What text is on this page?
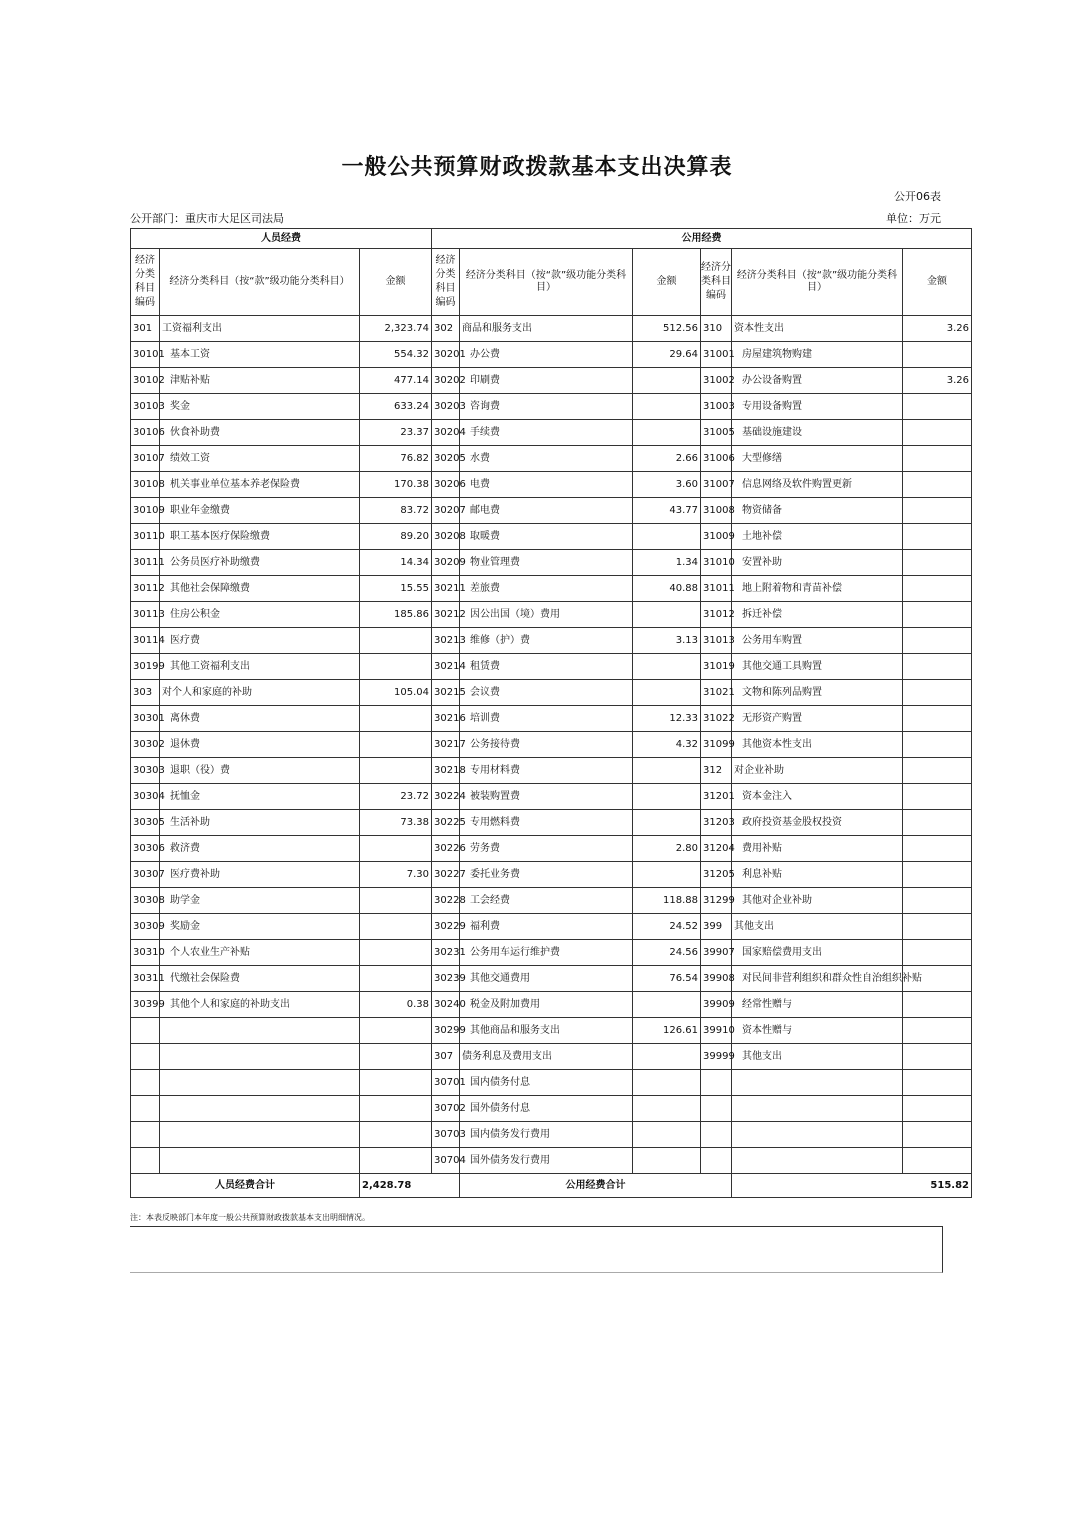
一般公共预算财政拨款基本支出决算表
公开06表
公开部门：重庆市大足区司法局	单位：万元
人员经费			公用经费					
经济分类科目编码	经济分类科目（按“款”级功能分类科目）	金额	经济分类科目编码	经济分类科目（按“款”级功能分类科目）	金额	经济分类科目编码	经济分类科目（按“款”级功能分类科目）	金额
301	工资福利支出	2,323.74	302	商品和服务支出	512.56	310	资本性支出	3.26
30101	基本工资	554.32	30201	办公费	29.64	31001	房屋建筑物购建	
30102	津贴补贴	477.14	30202	印刷费		31002	办公设备购置	3.26
30103	奖金	633.24	30203	咨询费		31003	专用设备购置	
30106	伙食补助费	23.37	30204	手续费		31005	基础设施建设	
30107	绩效工资	76.82	30205	水费	2.66	31006	大型修缮	
30108	机关事业单位基本养老保险费	170.38	30206	电费	3.60	31007	信息网络及软件购置更新	
30109	职业年金缴费	83.72	30207	邮电费	43.77	31008	物资储备	
30110	职工基本医疗保险缴费	89.20	30208	取暖费		31009	土地补偿	
30111	公务员医疗补助缴费	14.34	30209	物业管理费	1.34	31010	安置补助	
30112	其他社会保障缴费	15.55	30211	差旅费	40.88	31011	地上附着物和青苗补偿	
30113	住房公积金	185.86	30212	因公出国（境）费用		31012	拆迁补偿	
30114	医疗费		30213	维修（护）费	3.13	31013	公务用车购置	
30199	其他工资福利支出		30214	租赁费		31019	其他交通工具购置	
303	对个人和家庭的补助	105.04	30215	会议费		31021	文物和陈列品购置	
30301	离休费		30216	培训费	12.33	31022	无形资产购置	
30302	退休费		30217	公务接待费	4.32	31099	其他资本性支出	
30303	退职（役）费		30218	专用材料费		312	对企业补助	
30304	抚恤金	23.72	30224	被装购置费		31201	资本金注入	
30305	生活补助	73.38	30225	专用燃料费		31203	政府投资基金股权投资	
30306	救济费		30226	劳务费	2.80	31204	费用补贴	
30307	医疗费补助	7.30	30227	委托业务费		31205	利息补贴	
30308	助学金		30228	工会经费	118.88	31299	其他对企业补助	
30309	奖励金		30229	福利费	24.52	399	其他支出	
30310	个人农业生产补贴		30231	公务用车运行维护费	24.56	39907	国家赔偿费用支出	
30311	代缴社会保险费		30239	其他交通费用	76.54	39908	对民间非营利组织和群众性自治组织补贴	
30399	其他个人和家庭的补助支出	0.38	30240	税金及附加费用		39909	经常性赠与	
			30299	其他商品和服务支出	126.61	39910	资本性赠与	
			307	债务利息及费用支出		39999	其他支出	
			30701	国内债务付息				
			30702	国外债务付息				
			30703	国内债务发行费用				
			30704	国外债务发行费用				
人员经费合计		2,428.78		公用经费合计			515.82	
注：本表反映部门本年度一般公共预算财政拨款基本支出明细情况。
